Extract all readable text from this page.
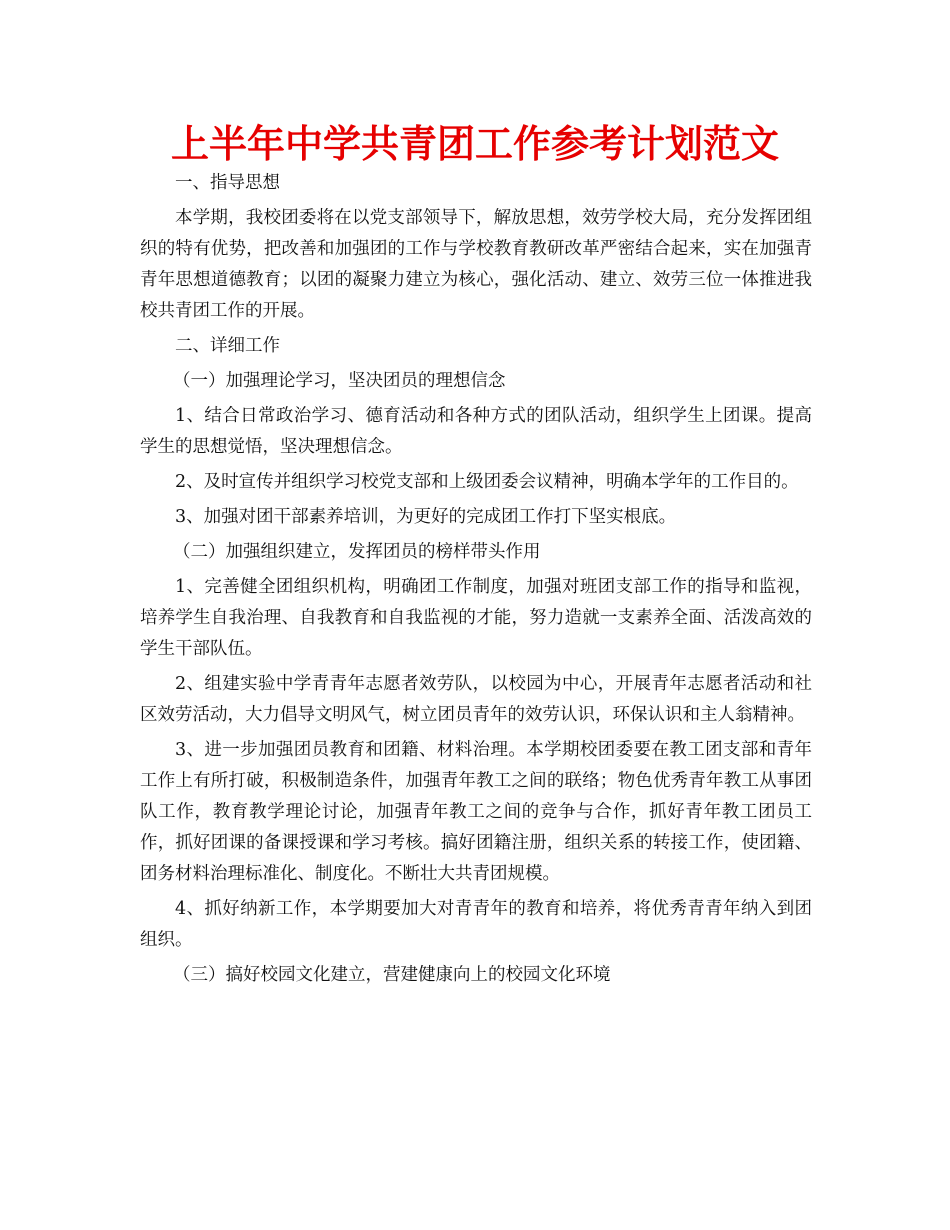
上半年中学共青团工作参考计划范文

一、指导思想

本学期，我校团委将在以党支部领导下，解放思想，效劳学校大局，充分发挥团组织的特有优势，把改善和加强团的工作与学校教育教研改革严密结合起来，实在加强青青年思想道德教育；以团的凝聚力建立为核心，强化活动、建立、效劳三位一体推进我校共青团工作的开展。

二、详细工作

（一）加强理论学习，坚决团员的理想信念

1、结合日常政治学习、德育活动和各种方式的团队活动，组织学生上团课。提高学生的思想觉悟，坚决理想信念。

2、及时宣传并组织学习校党支部和上级团委会议精神，明确本学年的工作目的。

3、加强对团干部素养培训，为更好的完成团工作打下坚实根底。

（二）加强组织建立，发挥团员的榜样带头作用

1、完善健全团组织机构，明确团工作制度，加强对班团支部工作的指导和监视，培养学生自我治理、自我教育和自我监视的才能，努力造就一支素养全面、活泼高效的学生干部队伍。

2、组建实验中学青青年志愿者效劳队，以校园为中心，开展青年志愿者活动和社区效劳活动，大力倡导文明风气，树立团员青年的效劳认识，环保认识和主人翁精神。

3、进一步加强团员教育和团籍、材料治理。本学期校团委要在教工团支部和青年工作上有所打破，积极制造条件，加强青年教工之间的联络；物色优秀青年教工从事团队工作，教育教学理论讨论，加强青年教工之间的竞争与合作，抓好青年教工团员工作，抓好团课的备课授课和学习考核。搞好团籍注册，组织关系的转接工作，使团籍、团务材料治理标准化、制度化。不断壮大共青团规模。

4、抓好纳新工作，本学期要加大对青青年的教育和培养，将优秀青青年纳入到团组织。

（三）搞好校园文化建立，营建健康向上的校园文化环境
